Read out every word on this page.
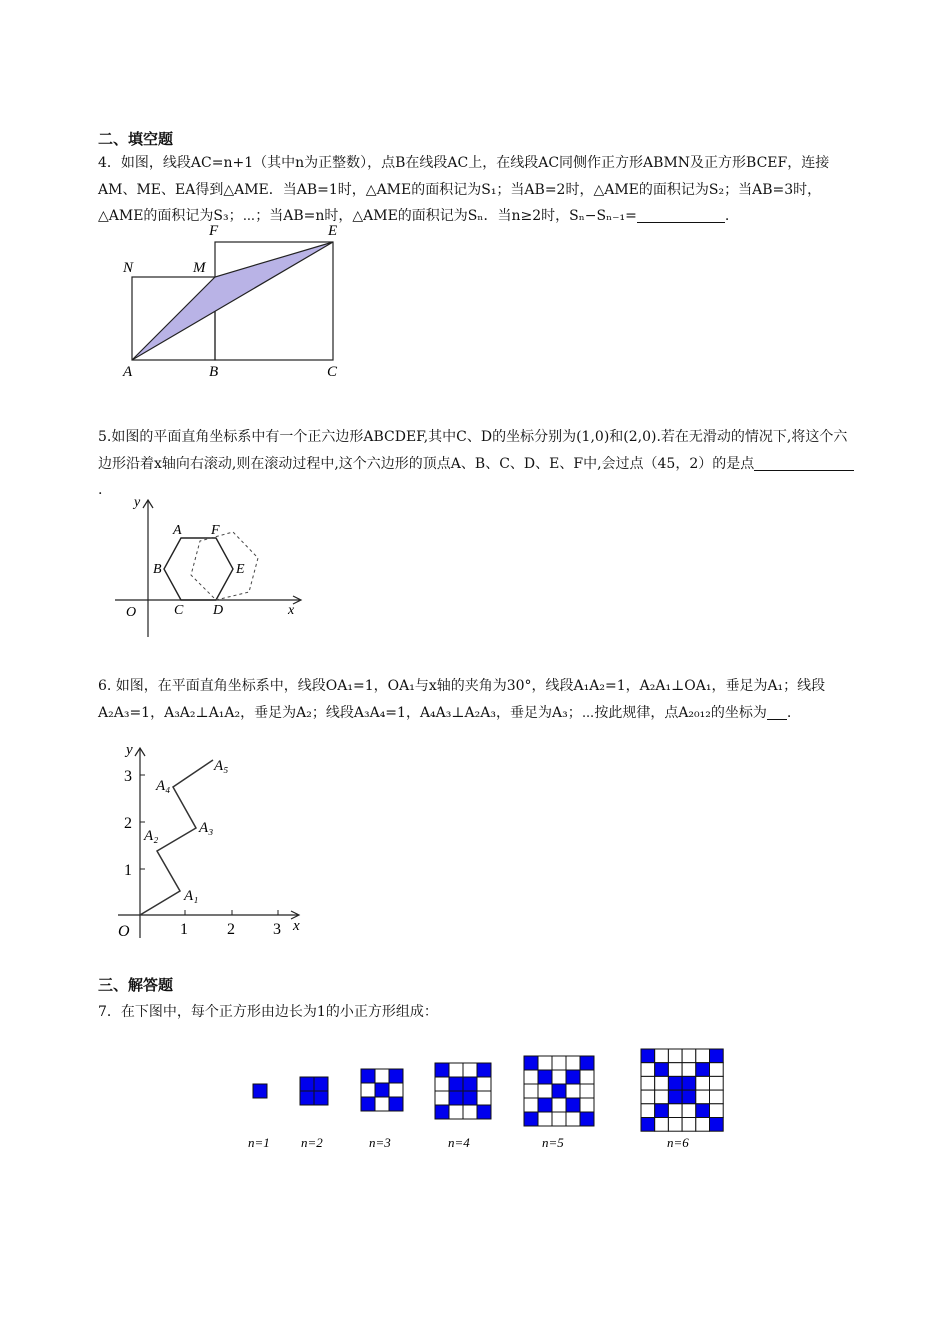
二、填空题
4．如图，线段AC=n+1（其中n为正整数），点B在线段AC上，在线段AC同侧作正方形ABMN及正方形BCEF，连接AM、ME、EA得到△AME．当AB=1时，△AME的面积记为S₁；当AB=2时，△AME的面积记为S₂；当AB=3时，△AME的面积记为S₃；⋯；当AB=n时，△AME的面积记为Sₙ．当n≥2时，Sₙ−Sₙ₋₁=	.
N	M
F	E
A	B	C
5.如图的平面直角坐标系中有一个正六边形ABCDEF,其中C、D的坐标分别为(1,0)和(2,0).若在无滑动的情况下,将这个六边形沿着x轴向右滚动,则在滚动过程中,这个六边形的顶点A、B、C、D、E、F中,会过点（45，2）的是点.
y
x
O
A F
B	E
C D
6. 如图，在平面直角坐标系中，线段OA₁=1，OA₁与x轴的夹角为30°，线段A₁A₂=1，A₂A₁⊥OA₁，垂足为A₁；线段A₂A₃=1，A₃A₂⊥A₁A₂，垂足为A₂；线段A₃A₄=1，A₄A₃⊥A₂A₃，垂足为A₃；⋯按此规律，点A₂₀₁₂的坐标为 .
y
x
O
1
2
3
1 2 3
A₁
A₂	A₃
A₄
A₅
三、解答题
7．在下图中，每个正方形由边长为1的小正方形组成：
n=1 n=2	n=3	n=4	n=5	n=6
